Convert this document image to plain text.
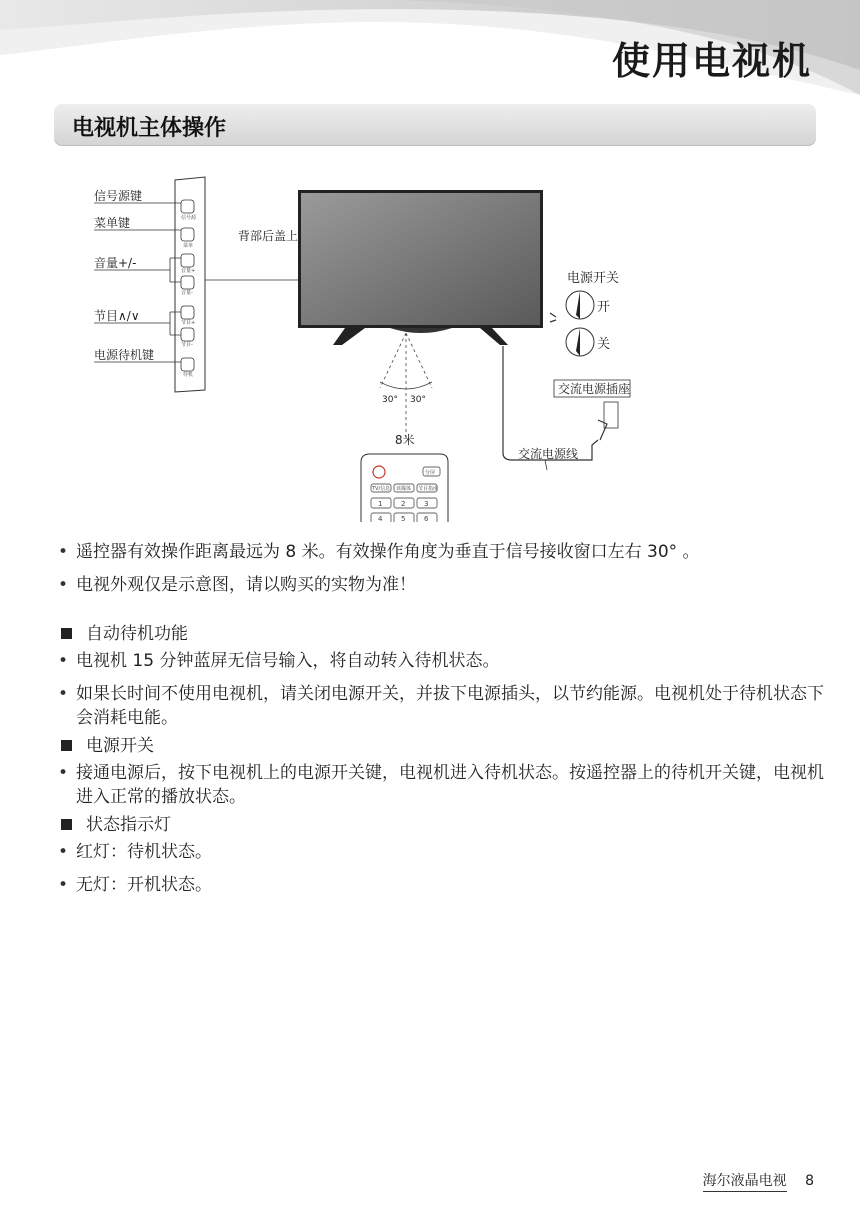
使用电视机
电视机主体操作
信号源
菜单
音量+
音量-
节目+
节目-
待机
信号源键
菜单键
音量+/-
节目∧/∨
电源待机键
背部后盖上
30° 30°
8米
分屏
TV/信息 该媒体 节目指南
1	2	3
4	5	6
电源开关
开
关
交流电源插座
交流电源线
• 遥控器有效操作距离最远为 8 米。有效操作角度为垂直于信号接收窗口左右 30° 。
• 电视外观仅是示意图，请以购买的实物为准！
自动待机功能
• 电视机 15 分钟蓝屏无信号输入，将自动转入待机状态。
• 如果长时间不使用电视机，请关闭电源开关，并拔下电源插头，以节约能源。电视机处于待机状态下会消耗电能。
电源开关
• 接通电源后，按下电视机上的电源开关键，电视机进入待机状态。按遥控器上的待机开关键，电视机进入正常的播放状态。
状态指示灯
• 红灯：待机状态。
• 无灯：开机状态。
海尔液晶电视 8
